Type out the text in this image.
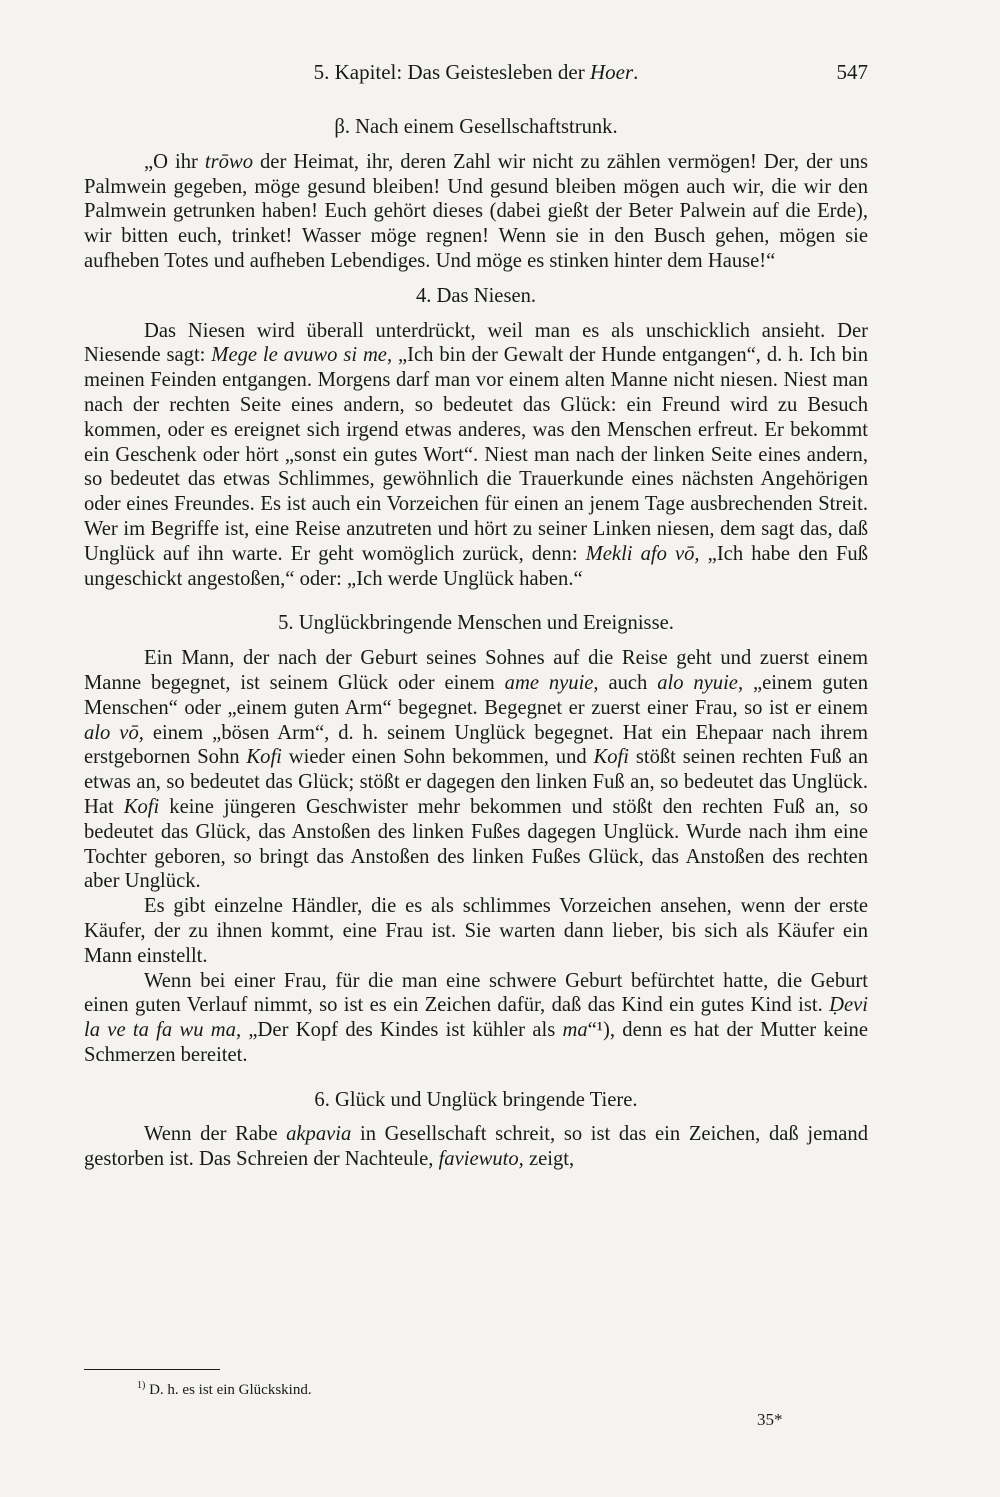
5. Kapitel: Das Geistesleben der Hoer.	547

β. Nach einem Gesellschaftstrunk.

„O ihr trōwo der Heimat, ihr, deren Zahl wir nicht zu zählen vermögen! Der, der uns Palmwein gegeben, möge gesund bleiben! Und gesund bleiben mögen auch wir, die wir den Palmwein getrunken haben! Euch gehört dieses (dabei gießt der Beter Palwein auf die Erde), wir bitten euch, trinket! Wasser möge regnen! Wenn sie in den Busch gehen, mögen sie aufheben Totes und aufheben Lebendiges. Und möge es stinken hinter dem Hause!“

4. Das Niesen.

Das Niesen wird überall unterdrückt, weil man es als unschicklich ansieht. Der Niesende sagt: Mege le avuwo si me, „Ich bin der Gewalt der Hunde entgangen“, d. h. Ich bin meinen Feinden entgangen. Morgens darf man vor einem alten Manne nicht niesen. Niest man nach der rechten Seite eines andern, so bedeutet das Glück: ein Freund wird zu Besuch kommen, oder es ereignet sich irgend etwas anderes, was den Menschen erfreut. Er bekommt ein Geschenk oder hört „sonst ein gutes Wort“. Niest man nach der linken Seite eines andern, so bedeutet das etwas Schlimmes, gewöhnlich die Trauerkunde eines nächsten Angehörigen oder eines Freundes. Es ist auch ein Vorzeichen für einen an jenem Tage ausbrechenden Streit. Wer im Begriffe ist, eine Reise anzutreten und hört zu seiner Linken niesen, dem sagt das, daß Unglück auf ihn warte. Er geht womöglich zurück, denn: Mekli afo vō, „Ich habe den Fuß ungeschickt angestoßen,“ oder: „Ich werde Unglück haben.“

5. Unglückbringende Menschen und Ereignisse.

Ein Mann, der nach der Geburt seines Sohnes auf die Reise geht und zuerst einem Manne begegnet, ist seinem Glück oder einem ame nyuie, auch alo nyuie, „einem guten Menschen“ oder „einem guten Arm“ begegnet. Begegnet er zuerst einer Frau, so ist er einem alo vō, einem „bösen Arm“, d. h. seinem Unglück begegnet. Hat ein Ehepaar nach ihrem erstgebornen Sohn Kofi wieder einen Sohn bekommen, und Kofi stößt seinen rechten Fuß an etwas an, so bedeutet das Glück; stößt er dagegen den linken Fuß an, so bedeutet das Unglück. Hat Kofi keine jüngeren Geschwister mehr bekommen und stößt den rechten Fuß an, so bedeutet das Glück, das Anstoßen des linken Fußes dagegen Unglück. Wurde nach ihm eine Tochter geboren, so bringt das Anstoßen des linken Fußes Glück, das Anstoßen des rechten aber Unglück.

Es gibt einzelne Händler, die es als schlimmes Vorzeichen ansehen, wenn der erste Käufer, der zu ihnen kommt, eine Frau ist. Sie warten dann lieber, bis sich als Käufer ein Mann einstellt.

Wenn bei einer Frau, für die man eine schwere Geburt befürchtet hatte, die Geburt einen guten Verlauf nimmt, so ist es ein Zeichen dafür, daß das Kind ein gutes Kind ist. Ḍevi la ve ta fa wu ma, „Der Kopf des Kindes ist kühler als ma“¹), denn es hat der Mutter keine Schmerzen bereitet.

6. Glück und Unglück bringende Tiere.

Wenn der Rabe akpavia in Gesellschaft schreit, so ist das ein Zeichen, daß jemand gestorben ist. Das Schreien der Nachteule, faviewuto, zeigt,

$^{1)}$ D. h. es ist ein Glückskind.
35*
